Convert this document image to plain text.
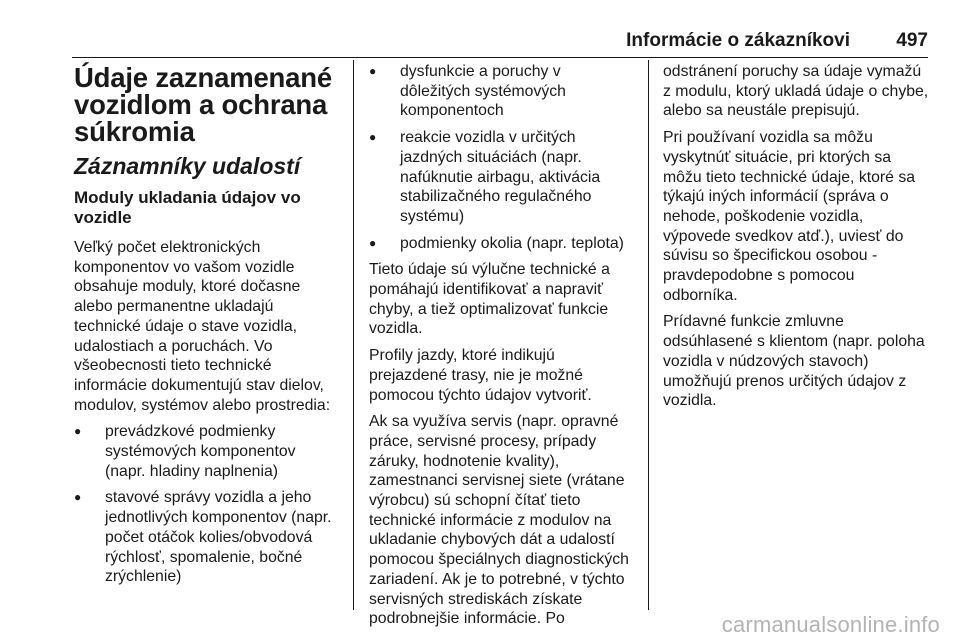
Informácie o zákazníkovi 497
Údaje zaznamenané
vozidlom a ochrana
súkromia
Záznamníky udalostí
Moduly ukladania údajov vo
vozidle

Veľký počet elektronických
komponentov vo vašom vozidle
obsahuje moduly, ktoré dočasne
alebo permanentne ukladajú
technické údaje o stave vozidla,
udalostiach a poruchách. Vo
všeobecnosti tieto technické
informácie dokumentujú stav dielov,
modulov, systémov alebo prostredia:

● prevádzkové podmienky
systémových komponentov
(napr. hladiny naplnenia)
● stavové správy vozidla a jeho
jednotlivých komponentov (napr.
počet otáčok kolies/obvodová
rýchlosť, spomalenie, bočné
zrýchlenie)
● dysfunkcie a poruchy v
dôležitých systémových
komponentoch
● reakcie vozidla v určitých
jazdných situáciách (napr.
nafúknutie airbagu, aktivácia
stabilizačného regulačného
systému)
● podmienky okolia (napr. teplota)

Tieto údaje sú výlučne technické a
pomáhajú identifikovať a napraviť
chyby, a tiež optimalizovať funkcie
vozidla.

Profily jazdy, ktoré indikujú
prejazdené trasy, nie je možné
pomocou týchto údajov vytvoriť.

Ak sa využíva servis (napr. opravné
práce, servisné procesy, prípady
záruky, hodnotenie kvality),
zamestnanci servisnej siete (vrátane
výrobcu) sú schopní čítať tieto
technické informácie z modulov na
ukladanie chybových dát a udalostí
pomocou špeciálnych diagnostických
zariadení. Ak je to potrebné, v týchto
servisných strediskách získate
podrobnejšie informácie. Po

odstránení poruchy sa údaje vymažú
z modulu, ktorý ukladá údaje o chybe,
alebo sa neustále prepisujú.

Pri používaní vozidla sa môžu
vyskytnúť situácie, pri ktorých sa
môžu tieto technické údaje, ktoré sa
týkajú iných informácií (správa o
nehode, poškodenie vozidla,
výpovede svedkov atď.), uviesť do
súvisu so špecifickou osobou -
pravdepodobne s pomocou
odborníka.

Prídavné funkcie zmluvne
odsúhlasené s klientom (napr. poloha
vozidla v núdzových stavoch)
umožňujú prenos určitých údajov z
vozidla.

carmanualsonline.info
